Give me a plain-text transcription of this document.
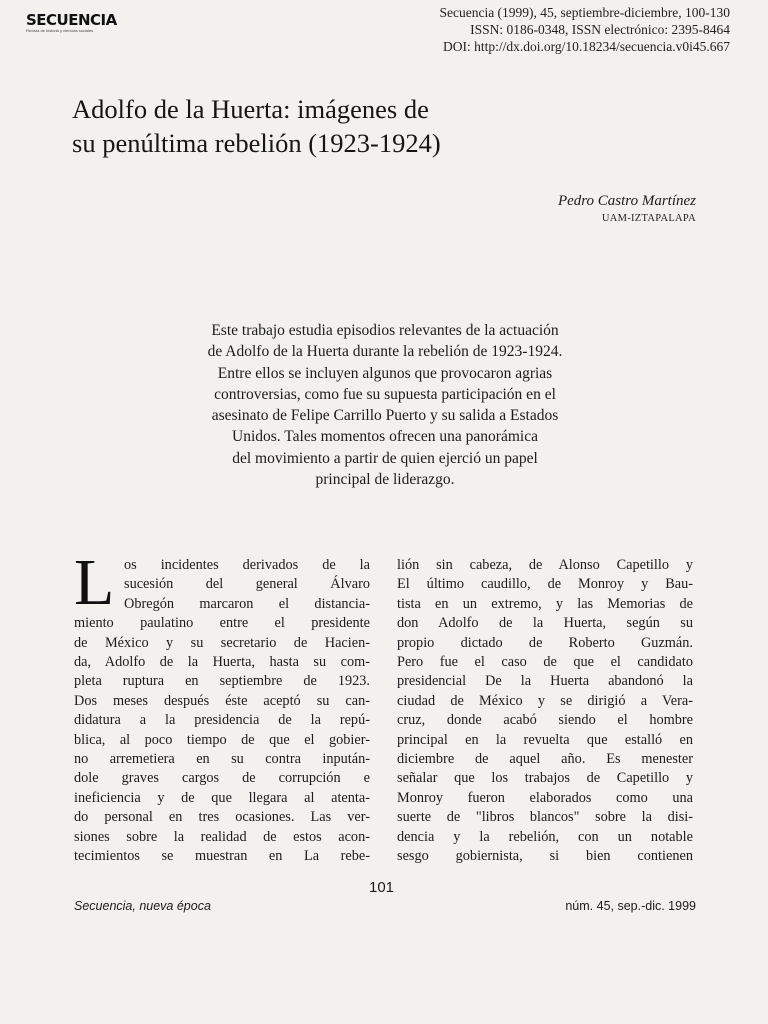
SECUENCIA
Revista de historia y ciencias sociales
Secuencia (1999), 45, septiembre-diciembre, 100-130
ISSN: 0186-0348, ISSN electrónico: 2395-8464
DOI: http://dx.doi.org/10.18234/secuencia.v0i45.667
Adolfo de la Huerta: imágenes de
su penúltima rebelión (1923-1924)
Pedro Castro Martínez
UAM-IZTAPALAPA
Este trabajo estudia episodios relevantes de la actuación
de Adolfo de la Huerta durante la rebelión de 1923-1924.
Entre ellos se incluyen algunos que provocaron agrias
controversias, como fue su supuesta participación en el
asesinato de Felipe Carrillo Puerto y su salida a Estados
Unidos. Tales momentos ofrecen una panorámica
del movimiento a partir de quien ejerció un papel
principal de liderazgo.
L os incidentes derivados de la
sucesión del general Álvaro
Obregón marcaron el distancia-
miento paulatino entre el presidente
de México y su secretario de Hacien-
da, Adolfo de la Huerta, hasta su com-
pleta ruptura en septiembre de 1923.
Dos meses después éste aceptó su can-
didatura a la presidencia de la repú-
blica, al poco tiempo de que el gobier-
no arremetiera en su contra inpután-
dole graves cargos de corrupción e
ineficiencia y de que llegara al atenta-
do personal en tres ocasiones. Las ver-
siones sobre la realidad de estos acon-
tecimientos se muestran en La rebe-
lión sin cabeza, de Alonso Capetillo y
El último caudillo, de Monroy y Bau-
tista en un extremo, y las Memorias de
don Adolfo de la Huerta, según su
propio dictado de Roberto Guzmán.
Pero fue el caso de que el candidato
presidencial De la Huerta abandonó la
ciudad de México y se dirigió a Vera-
cruz, donde acabó siendo el hombre
principal en la revuelta que estalló en
diciembre de aquel año. Es menester
señalar que los trabajos de Capetillo y
Monroy fueron elaborados como una
suerte de "libros blancos" sobre la disi-
dencia y la rebelión, con un notable
sesgo gobiernista, si bien contienen
101
Secuencia, nueva época	núm. 45, sep.-dic. 1999
